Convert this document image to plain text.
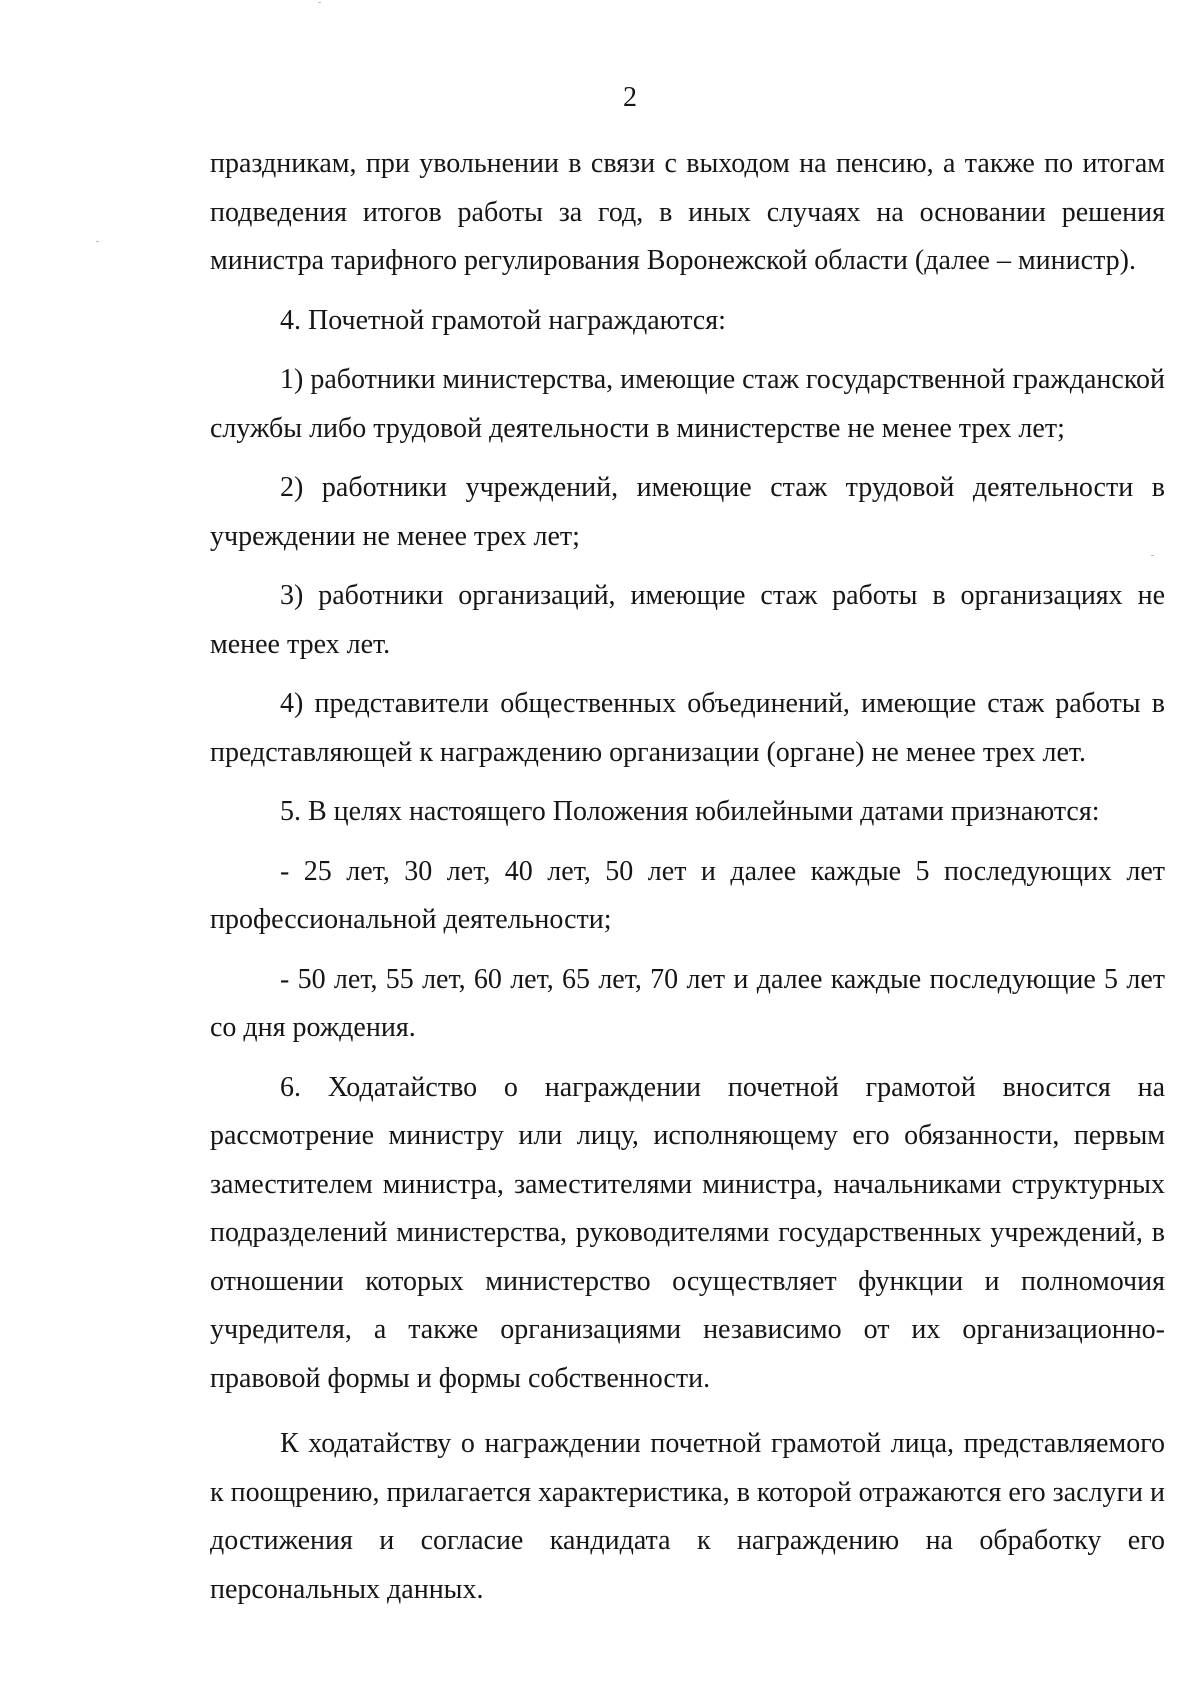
2

праздникам, при увольнении в связи с выходом на пенсию, а также по итогам подведения итогов работы за год, в иных случаях на основании решения министра тарифного регулирования Воронежской области (далее – министр).

4. Почетной грамотой награждаются:

1) работники министерства, имеющие стаж государственной гражданской службы либо трудовой деятельности в министерстве не менее трех лет;

2) работники учреждений, имеющие стаж трудовой деятельности в учреждении не менее трех лет;

3) работники организаций, имеющие стаж работы в организациях не менее трех лет.

4) представители общественных объединений, имеющие стаж работы в представляющей к награждению организации (органе) не менее трех лет.

5. В целях настоящего Положения юбилейными датами признаются:

- 25 лет, 30 лет, 40 лет, 50 лет и далее каждые 5 последующих лет профессиональной деятельности;

- 50 лет, 55 лет, 60 лет, 65 лет, 70 лет и далее каждые последующие 5 лет со дня рождения.

6. Ходатайство о награждении почетной грамотой вносится на рассмотрение министру или лицу, исполняющему его обязанности, первым заместителем министра, заместителями министра, начальниками структурных подразделений министерства, руководителями государственных учреждений, в отношении которых министерство осуществляет функции и полномочия учредителя, а также организациями независимо от их организационно-правовой формы и формы собственности.

К ходатайству о награждении почетной грамотой лица, представляемого к поощрению, прилагается характеристика, в которой отражаются его заслуги и достижения и согласие кандидата к награждению на обработку его персональных данных.
